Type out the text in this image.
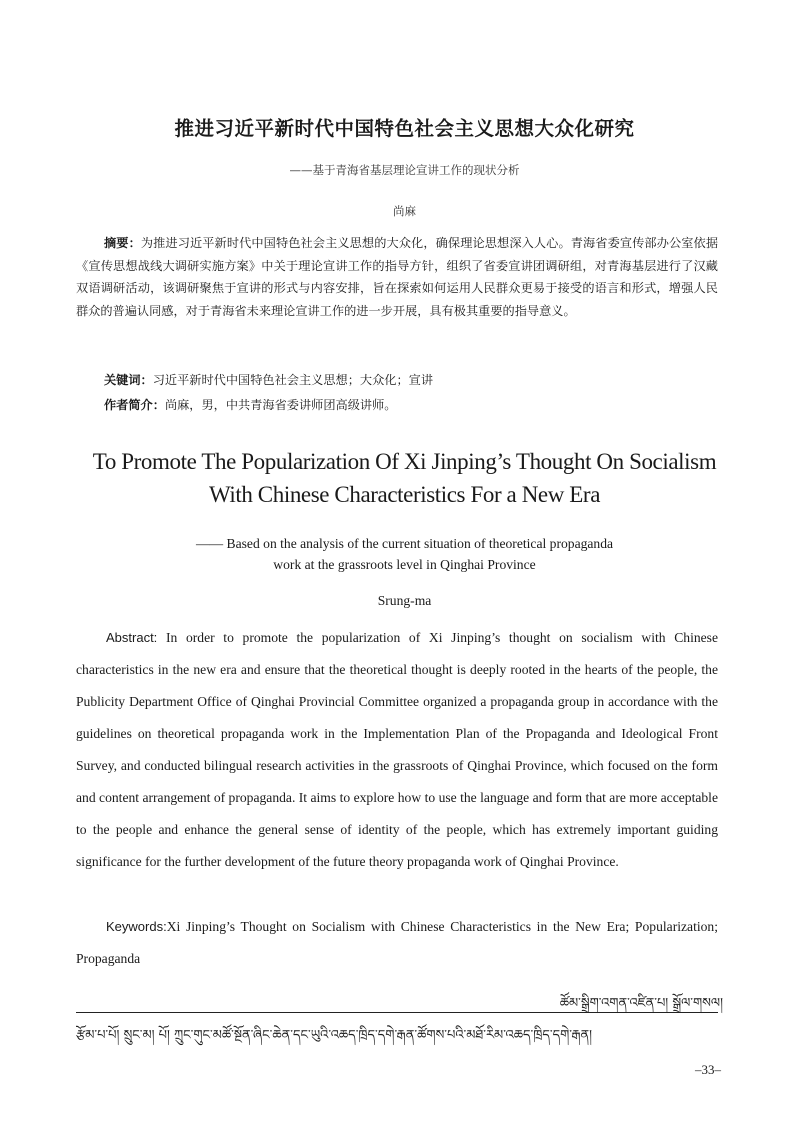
推进习近平新时代中国特色社会主义思想大众化研究
——基于青海省基层理论宣讲工作的现状分析
尚麻

摘要：为推进习近平新时代中国特色社会主义思想的大众化，确保理论思想深入人心。青海省委宣传部办公室依据《宣传思想战线大调研实施方案》中关于理论宣讲工作的指导方针，组织了省委宣讲团调研组，对青海基层进行了汉藏双语调研活动，该调研聚焦于宣讲的形式与内容安排，旨在探索如何运用人民群众更易于接受的语言和形式，增强人民群众的普遍认同感，对于青海省未来理论宣讲工作的进一步开展，具有极其重要的指导意义。

关键词：习近平新时代中国特色社会主义思想；大众化；宣讲

作者简介：尚麻，男，中共青海省委讲师团高级讲师。

To Promote The Popularization Of Xi Jinping’s Thought On Socialism
With Chinese Characteristics For a New Era

—— Based on the analysis of the current situation of theoretical propaganda
work at the grassroots level in Qinghai Province

Srung-ma

Abstract: In order to promote the popularization of Xi Jinping’s thought on socialism with Chinese characteristics in the new era and ensure that the theoretical thought is deeply rooted in the hearts of the people, the Publicity Department Office of Qinghai Provincial Committee organized a propaganda group in accordance with the guidelines on theoretical propaganda work in the Implementation Plan of the Propaganda and Ideological Front Survey, and conducted bilingual research activities in the grassroots of Qinghai Province, which focused on the form and content arrangement of propaganda. It aims to explore how to use the language and form that are more acceptable to the people and enhance the general sense of identity of the people, which has extremely important guiding significance for the further development of the future theory propaganda work of Qinghai Province.

Keywords:Xi Jinping’s Thought on Socialism with Chinese Characteristics in the New Era; Popularization; Propaganda

ཚོམ་སྒྲིག་འགན་འཛིན་པ། སྒྲོལ་གསལ།
རྩོམ་པ་པོ། སྲུང་མ། པོ། ཀྲུང་གུང་མཚོ་སྔོན་ཞིང་ཆེན་དང་ཡུའི་འཆད་ཁྲིད་དགེ་རྒན་ཚོགས་པའི་མཐོ་རིམ་འཆད་ཁྲིད་དགེ་རྒན།
–33–
